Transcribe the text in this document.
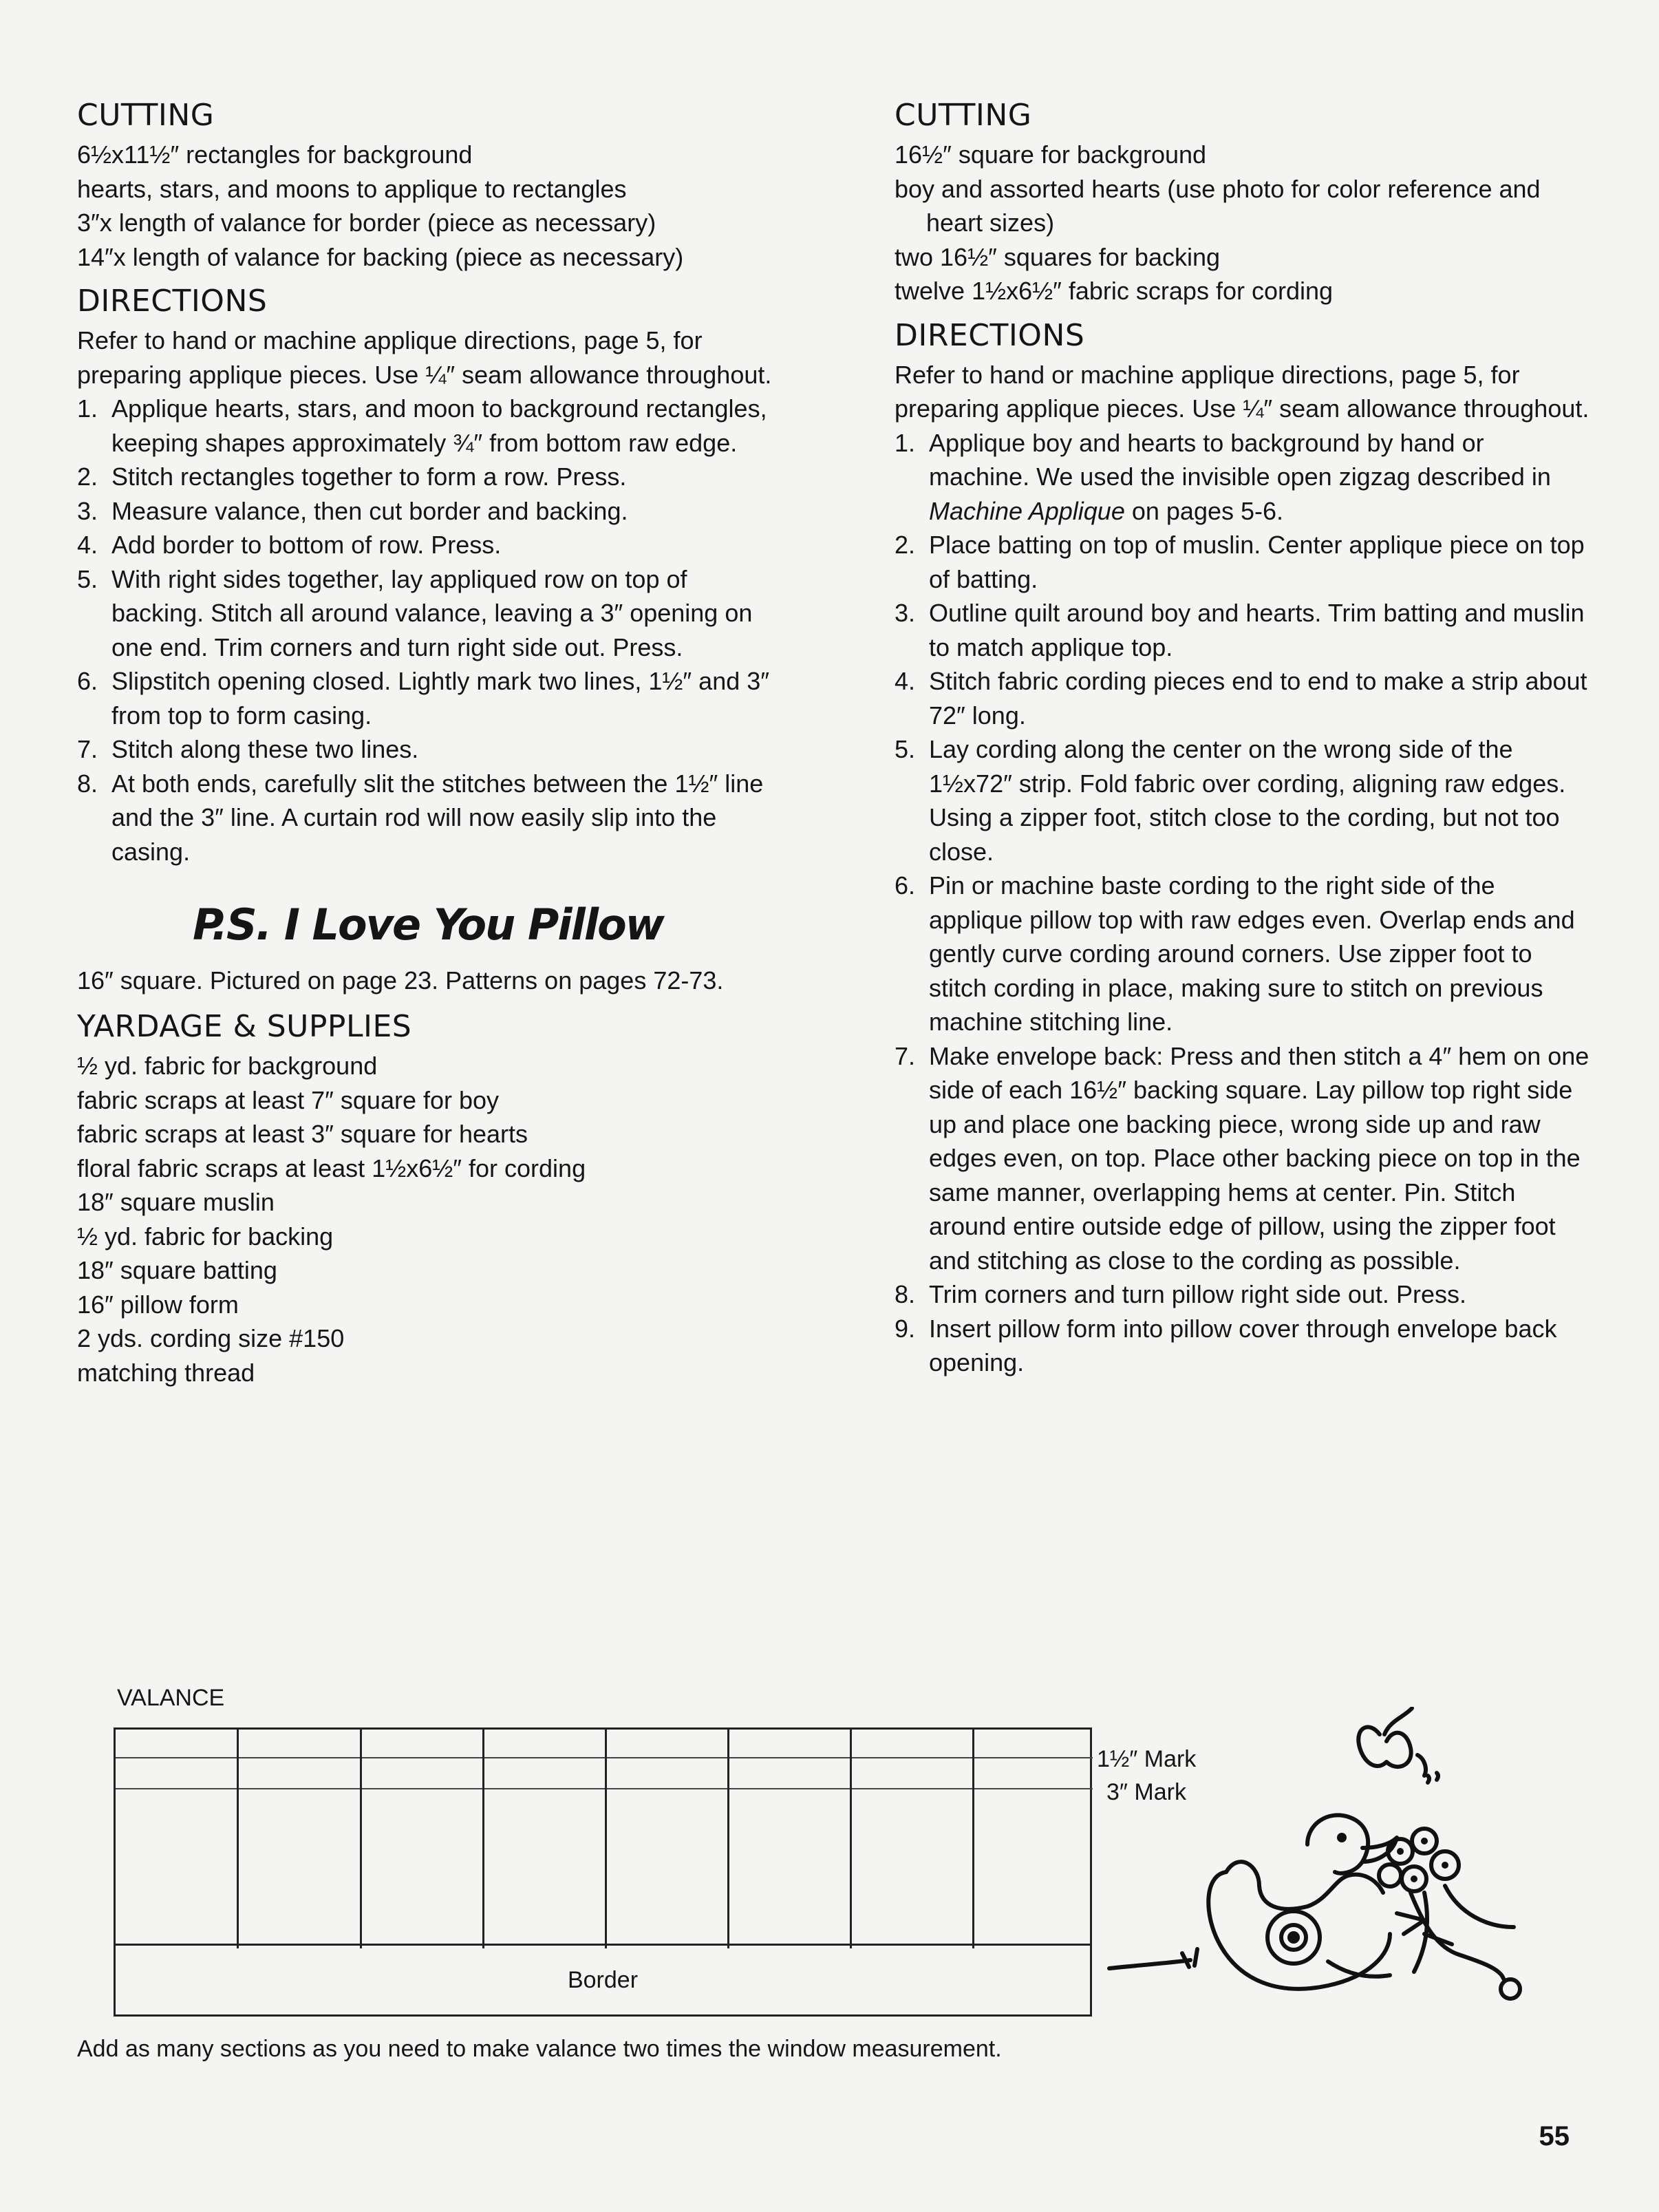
CUTTING

6½x11½″ rectangles for background

hearts, stars, and moons to applique to rectangles

3″x length of valance for border (piece as necessary)

14″x length of valance for backing (piece as necessary)

DIRECTIONS

Refer to hand or machine applique directions, page 5, for preparing applique pieces. Use ¼″ seam allowance throughout.

1. Applique hearts, stars, and moon to background rectangles, keeping shapes approximately ¾″ from bottom raw edge.
2. Stitch rectangles together to form a row. Press.
3. Measure valance, then cut border and backing.
4. Add border to bottom of row. Press.
5. With right sides together, lay appliqued row on top of backing. Stitch all around valance, leaving a 3″ opening on one end. Trim corners and turn right side out. Press.
6. Slipstitch opening closed. Lightly mark two lines, 1½″ and 3″ from top to form casing.
7. Stitch along these two lines.
8. At both ends, carefully slit the stitches between the 1½″ line and the 3″ line. A curtain rod will now easily slip into the casing.
P.S. I Love You Pillow

16″ square. Pictured on page 23. Patterns on pages 72-73.

YARDAGE & SUPPLIES

½ yd. fabric for background

fabric scraps at least 7″ square for boy

fabric scraps at least 3″ square for hearts

floral fabric scraps at least 1½x6½″ for cording

18″ square muslin

½ yd. fabric for backing

18″ square batting

16″ pillow form

2 yds. cording size #150

matching thread

CUTTING

16½″ square for background

boy and assorted hearts (use photo for color reference and heart sizes)

two 16½″ squares for backing

twelve 1½x6½″ fabric scraps for cording

DIRECTIONS

Refer to hand or machine applique directions, page 5, for preparing applique pieces. Use ¼″ seam allowance throughout.

1. Applique boy and hearts to background by hand or machine. We used the invisible open zigzag described in Machine Applique on pages 5-6.
2. Place batting on top of muslin. Center applique piece on top of batting.
3. Outline quilt around boy and hearts. Trim batting and muslin to match applique top.
4. Stitch fabric cording pieces end to end to make a strip about 72″ long.
5. Lay cording along the center on the wrong side of the 1½x72″ strip. Fold fabric over cording, aligning raw edges. Using a zipper foot, stitch close to the cording, but not too close.
6. Pin or machine baste cording to the right side of the applique pillow top with raw edges even. Overlap ends and gently curve cording around corners. Use zipper foot to stitch cording in place, making sure to stitch on previous machine stitching line.
7. Make envelope back: Press and then stitch a 4″ hem on one side of each 16½″ backing square. Lay pillow top right side up and place one backing piece, wrong side up and raw edges even, on top. Place other backing piece on top in the same manner, overlapping hems at center. Pin. Stitch around entire outside edge of pillow, using the zipper foot and stitching as close to the cording as possible.
8. Trim corners and turn pillow right side out. Press.
9. Insert pillow form into pillow cover through envelope back opening.
VALANCE
Border
1½″ Mark
3″ Mark
Add as many sections as you need to make valance two times the window measurement.
55
